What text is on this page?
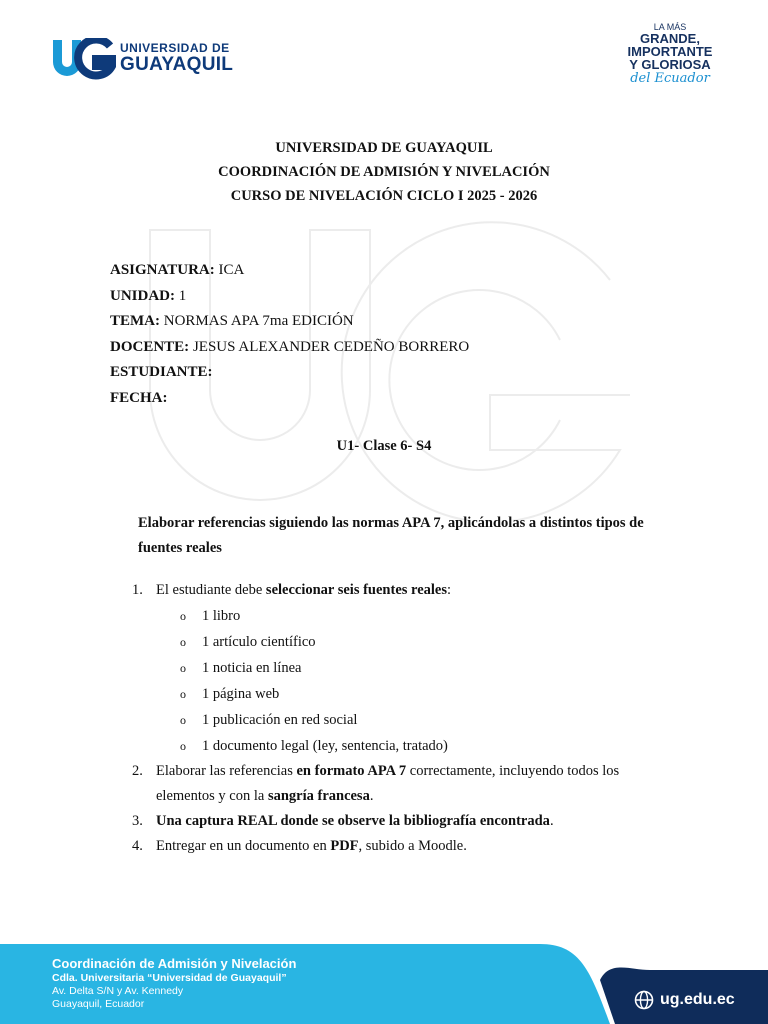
UNIVERSIDAD DE
GUAYAQUIL
LA MÁS
GRANDE,
IMPORTANTE
Y GLORIOSA
del Ecuador
UNIVERSIDAD DE GUAYAQUIL
COORDINACIÓN DE ADMISIÓN Y NIVELACIÓN
CURSO DE NIVELACIÓN CICLO I 2025 - 2026
ASIGNATURA: ICA
UNIDAD: 1
TEMA: NORMAS APA 7ma EDICIÓN
DOCENTE: JESUS ALEXANDER CEDEÑO BORRERO
ESTUDIANTE:
FECHA:
U1- Clase 6- S4
Elaborar referencias siguiendo las normas APA 7, aplicándolas a distintos tipos de fuentes reales
1. El estudiante debe seleccionar seis fuentes reales:
o 1 libro
o 1 artículo científico
o 1 noticia en línea
o 1 página web
o 1 publicación en red social
o 1 documento legal (ley, sentencia, tratado)
2. Elaborar las referencias en formato APA 7 correctamente, incluyendo todos los elementos y con la sangría francesa.
3. Una captura REAL donde se observe la bibliografía encontrada.
4. Entregar en un documento en PDF, subido a Moodle.
Coordinación de Admisión y Nivelación
Cdla. Universitaria “Universidad de Guayaquil”
Av. Delta S/N y Av. Kennedy
Guayaquil, Ecuador	ug.edu.ec
